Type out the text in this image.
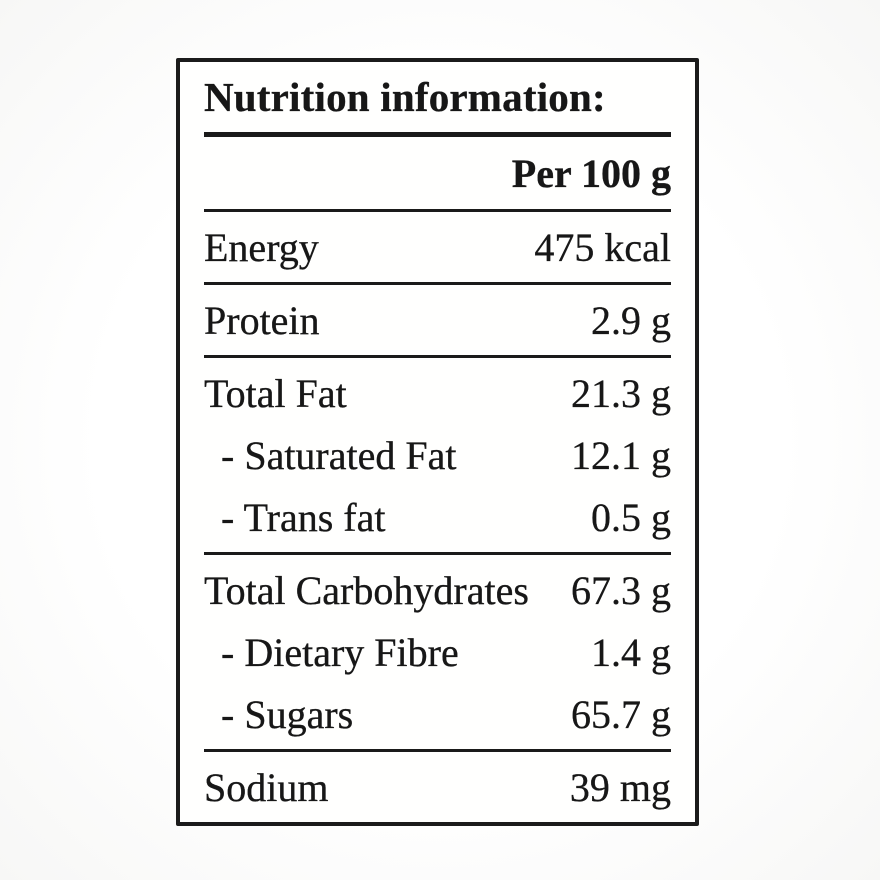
Nutrition information:
Per 100 g
Energy	475 kcal
Protein	2.9 g
Total Fat	21.3 g
- Saturated Fat	12.1 g
- Trans fat	0.5 g
Total Carbohydrates 67.3 g
- Dietary Fibre	1.4 g
- Sugars	65.7 g
Sodium	39 mg
